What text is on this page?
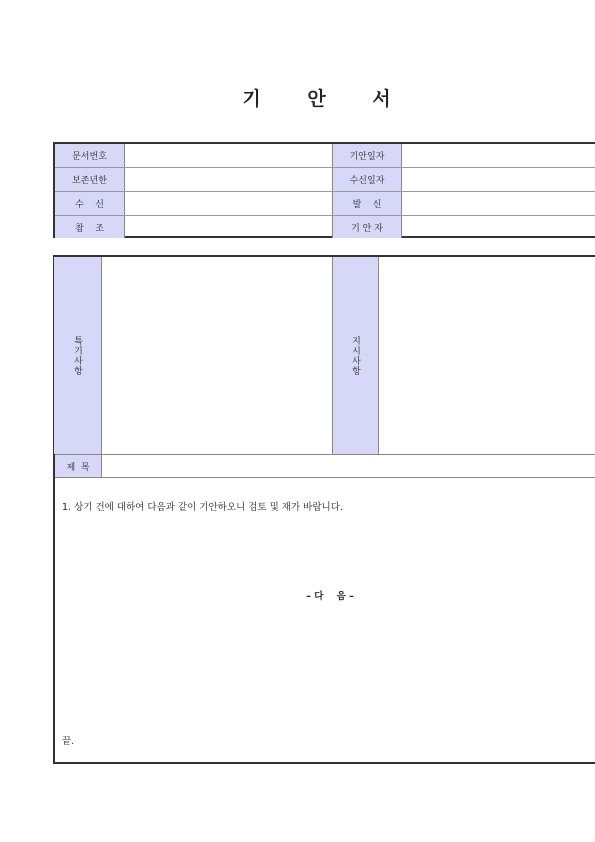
기 안 서
문서번호	기안일자
보존년한	수신일자
수    신	발    신
참    조	기 안 자
특기사항	지시사항
제  목
1. 상기 건에 대하여 다음과 같이 기안하오니 검토 및 재가 바랍니다.
– 다    음 –
끝.
